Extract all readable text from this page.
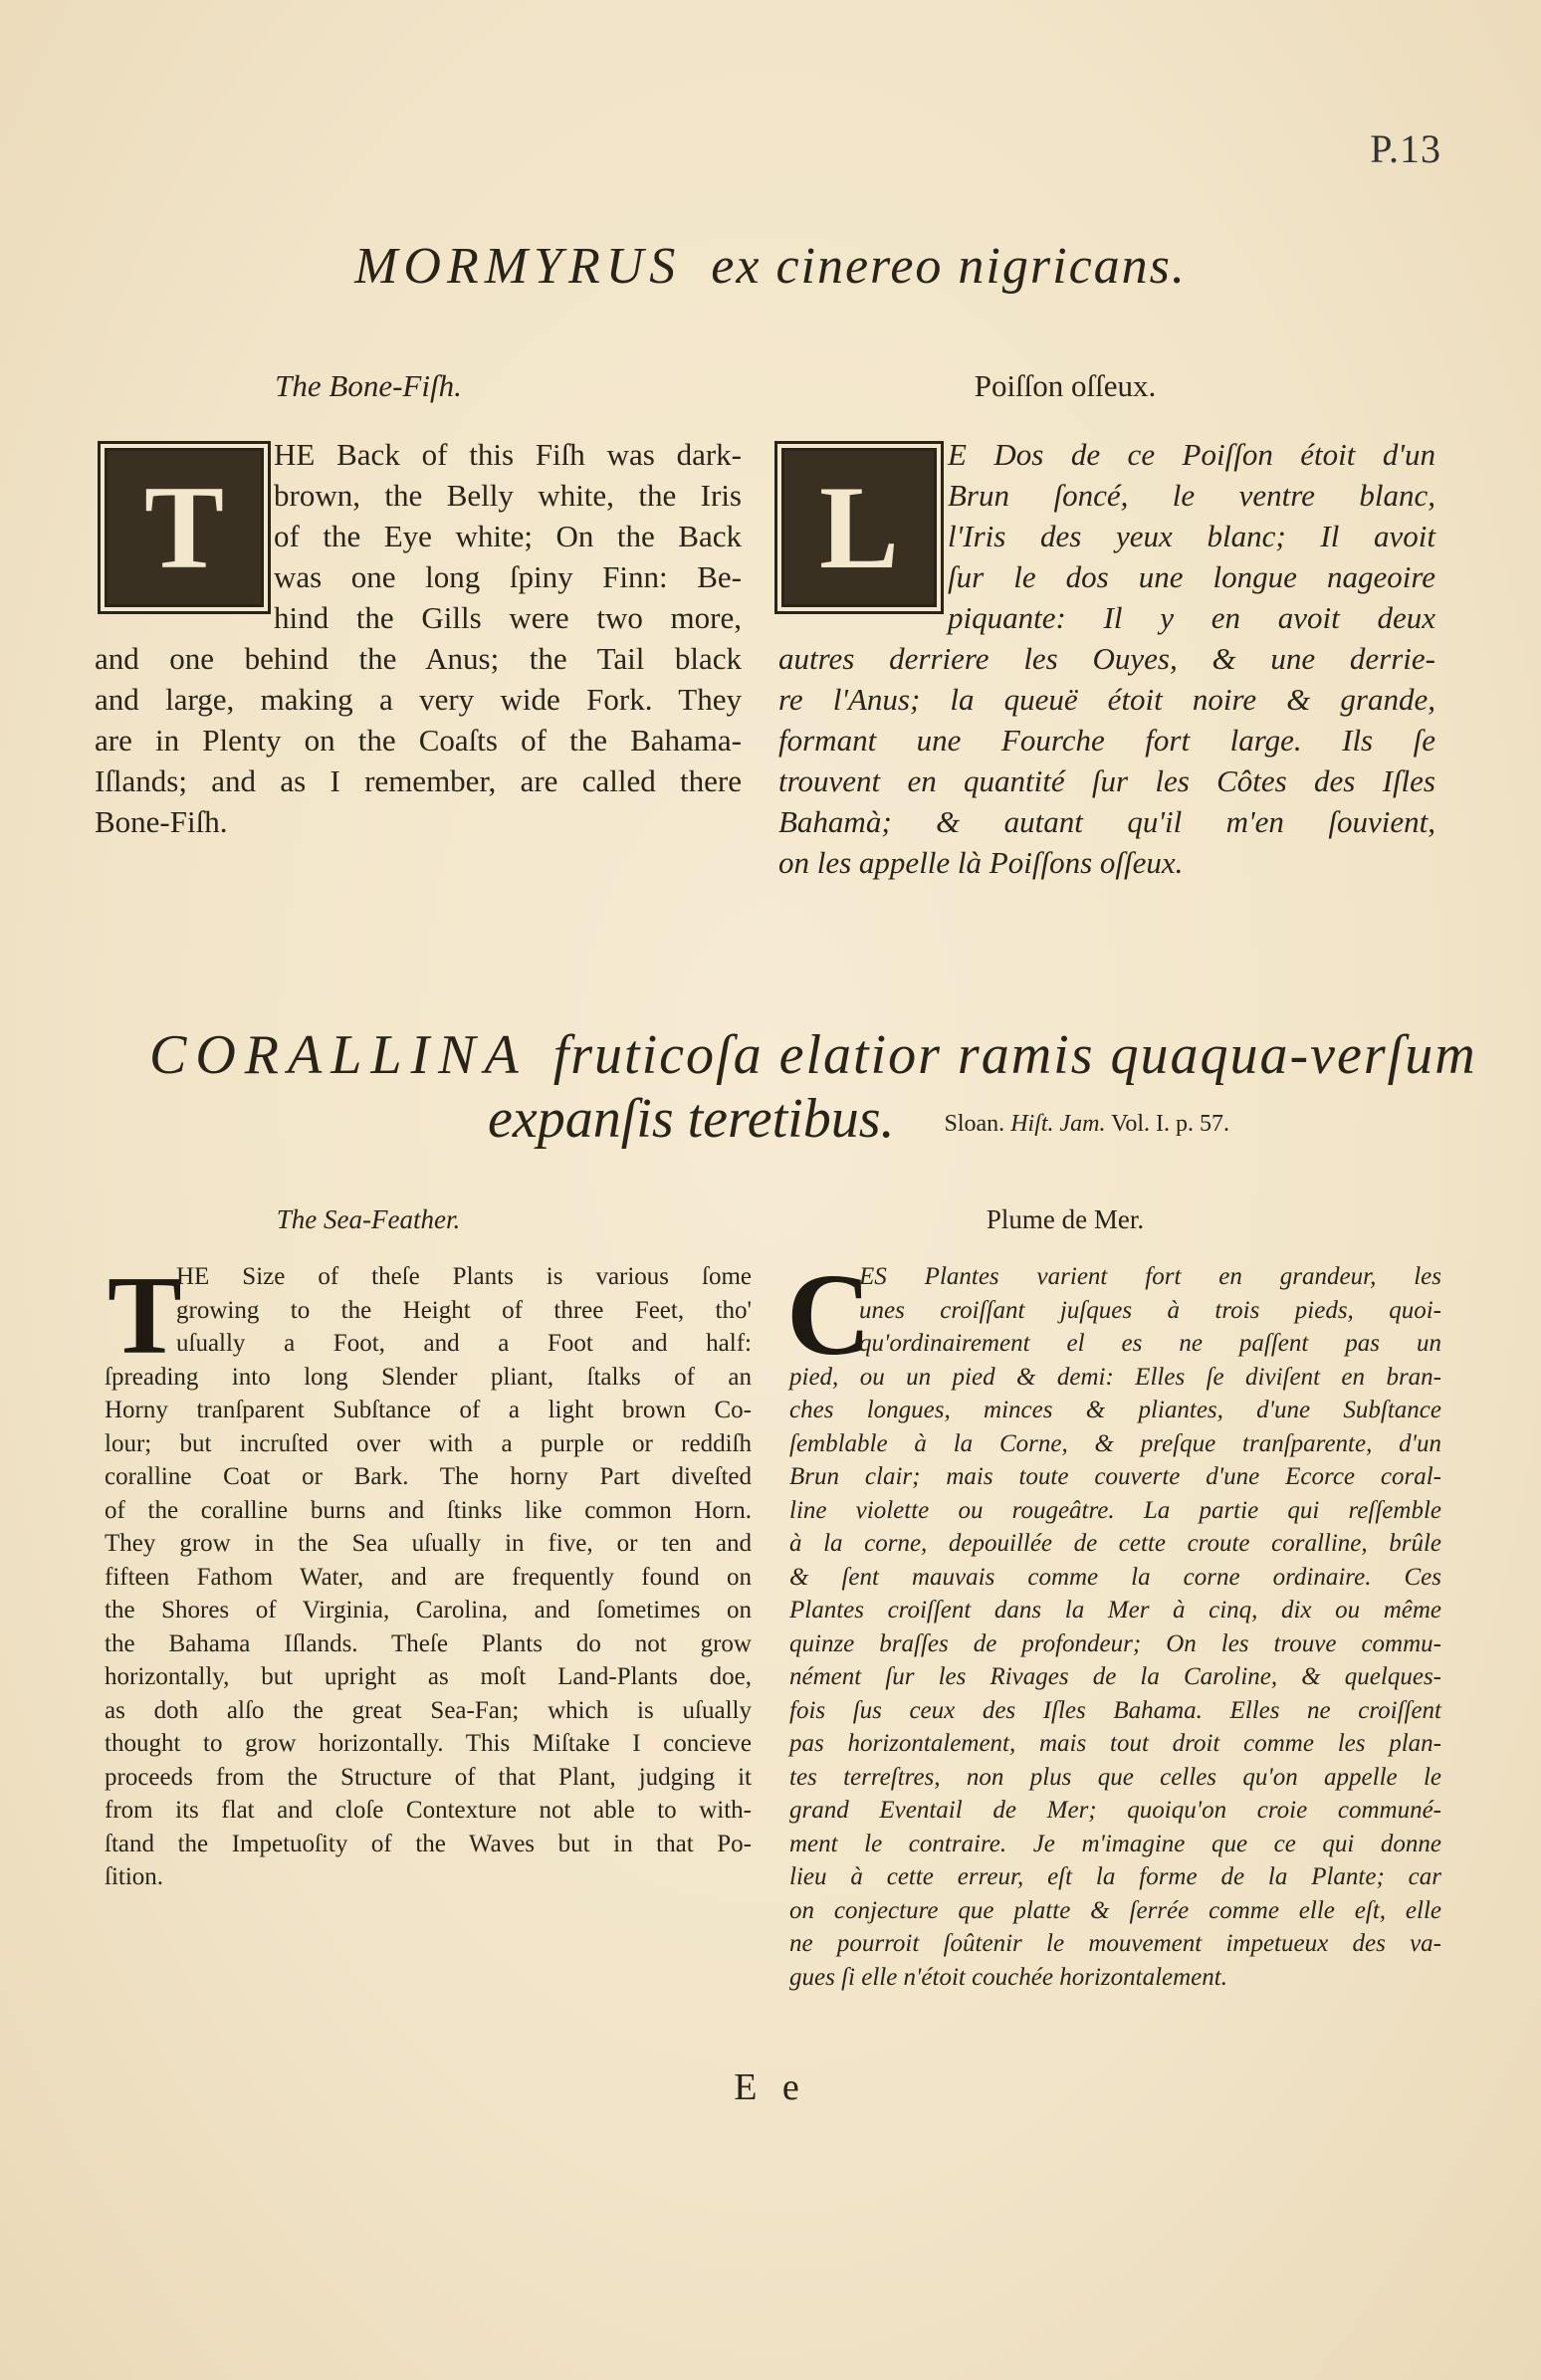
P.13
MORMYRUS ex cinereo nigricans.
The Bone-Fiſh.
T
HE Back of this Fiſh was dark-
brown, the Belly white, the Iris
of the Eye white; On the Back
was one long ſpiny Finn: Be-
hind the Gills were two more,
and one behind the Anus; the Tail black
and large, making a very wide Fork. They
are in Plenty on the Coaſts of the Bahama-
Iſlands; and as I remember, are called there
Bone-Fiſh.
Poiſſon oſſeux.
L
E Dos de ce Poiſſon étoit d'un
Brun ſoncé, le ventre blanc,
l'Iris des yeux blanc; Il avoit
ſur le dos une longue nageoire
piquante: Il y en avoit deux
autres derriere les Ouyes, & une derrie-
re l'Anus; la queuë étoit noire & grande,
formant une Fourche fort large. Ils ſe
trouvent en quantité ſur les Côtes des Iſles
Bahamà; & autant qu'il m'en ſouvient,
on les appelle là Poiſſons oſſeux.
CORALLINA fruticoſa elatior ramis quaqua-verſum
expanſis teretibus. Sloan. Hiſt. Jam. Vol. I. p. 57.
The Sea-Feather.
T
HE Size of theſe Plants is various ſome
growing to the Height of three Feet, tho'
uſually a Foot, and a Foot and half:
ſpreading into long Slender pliant, ſtalks of an
Horny tranſparent Subſtance of a light brown Co-
lour; but incruſted over with a purple or reddiſh
coralline Coat or Bark. The horny Part diveſted
of the coralline burns and ſtinks like common Horn.
They grow in the Sea uſually in five, or ten and
fifteen Fathom Water, and are frequently found on
the Shores of Virginia, Carolina, and ſometimes on
the Bahama Iſlands. Theſe Plants do not grow
horizontally, but upright as moſt Land-Plants doe,
as doth alſo the great Sea-Fan; which is uſually
thought to grow horizontally. This Miſtake I concieve
proceeds from the Structure of that Plant, judging it
from its flat and cloſe Contexture not able to with-
ſtand the Impetuoſity of the Waves but in that Po-
ſition.
Plume de Mer.
C
ES Plantes varient fort en grandeur, les
unes croiſſant juſques à trois pieds, quoi-
qu'ordinairement el es ne paſſent pas un
pied, ou un pied & demi: Elles ſe diviſent en bran-
ches longues, minces & pliantes, d'une Subſtance
ſemblable à la Corne, & preſque tranſparente, d'un
Brun clair; mais toute couverte d'une Ecorce coral-
line violette ou rougeâtre. La partie qui reſſemble
à la corne, depouillée de cette croute coralline, brûle
& ſent mauvais comme la corne ordinaire. Ces
Plantes croiſſent dans la Mer à cinq, dix ou même
quinze braſſes de profondeur; On les trouve commu-
nément ſur les Rivages de la Caroline, & quelques-
fois ſus ceux des Iſles Bahama. Elles ne croiſſent
pas horizontalement, mais tout droit comme les plan-
tes terreſtres, non plus que celles qu'on appelle le
grand Eventail de Mer; quoiqu'on croie communé-
ment le contraire. Je m'imagine que ce qui donne
lieu à cette erreur, eſt la forme de la Plante; car
on conjecture que platte & ſerrée comme elle eſt, elle
ne pourroit ſoûtenir le mouvement impetueux des va-
gues ſi elle n'étoit couchée horizontalement.
E e
